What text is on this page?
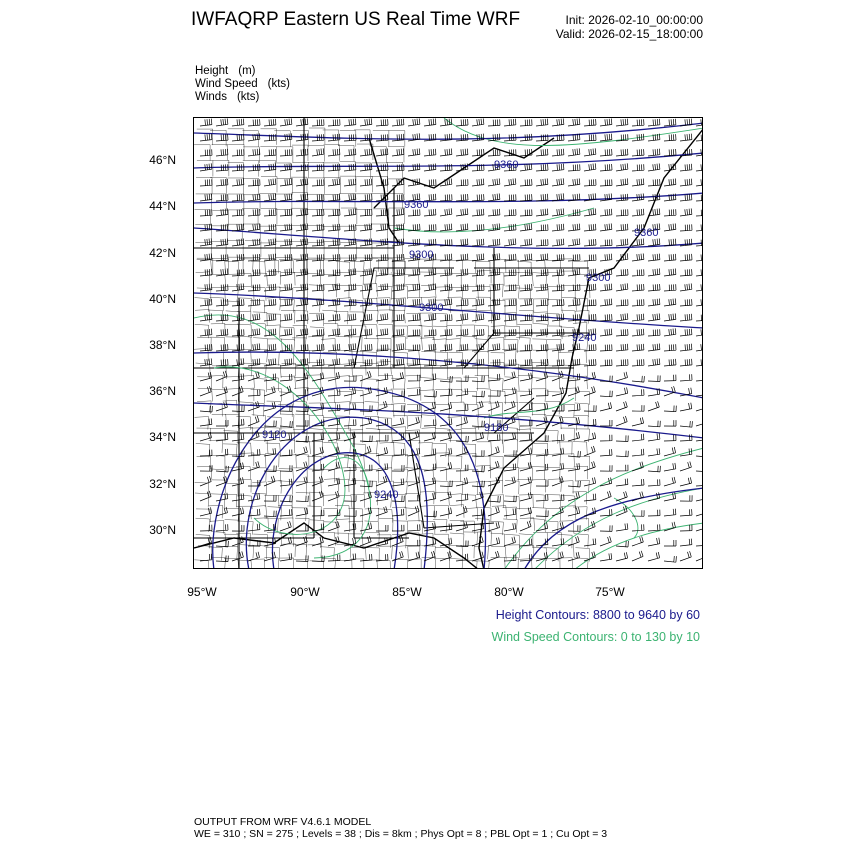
IWFAQRP Eastern US Real Time WRF	Init: 2026-02-10_00:00:00
Valid: 2026-02-15_18:00:00
Height (m)
Wind Speed (kts)
Winds (kts)
9360
9360
9300
9300
9240
9180
9120
9360
9300
9240
46°N
44°N
42°N
40°N
38°N
36°N
34°N
32°N
30°N
95°W	90°W	85°W	80°W	75°W
Height Contours: 8800 to 9640 by 60
Wind Speed Contours: 0 to 130 by 10
OUTPUT FROM WRF V4.6.1 MODEL
WE = 310 ; SN = 275 ; Levels = 38 ; Dis = 8km ; Phys Opt = 8 ; PBL Opt = 1 ; Cu Opt = 3
